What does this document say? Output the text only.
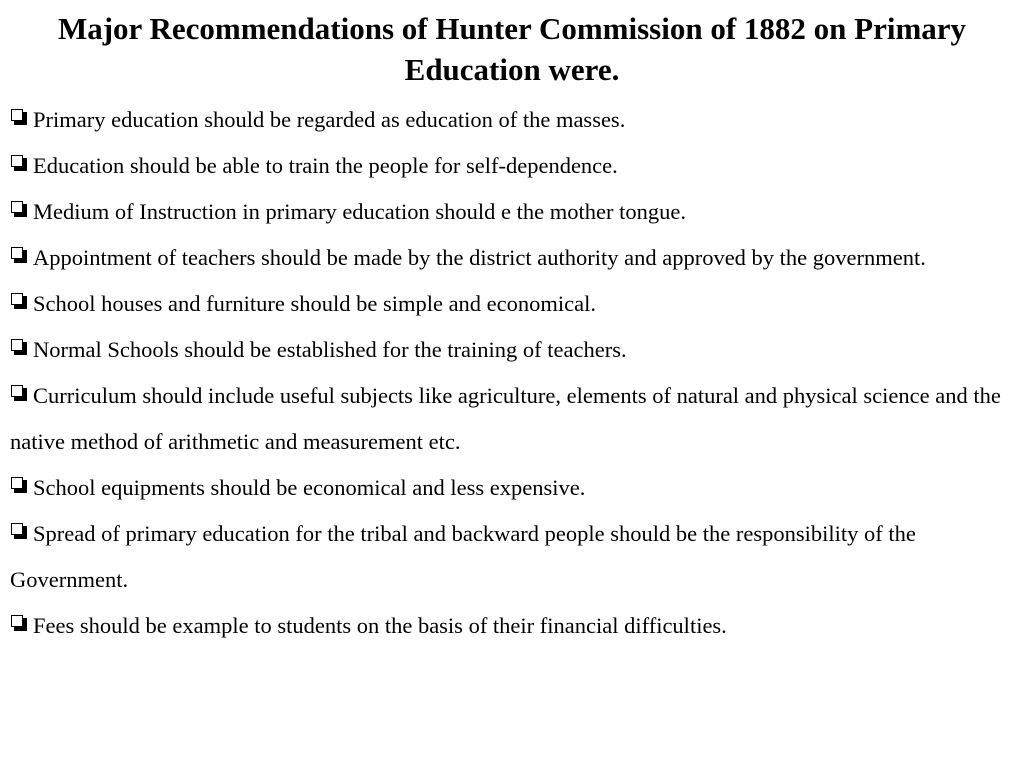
Major Recommendations of Hunter Commission of 1882 on Primary Education were.
Primary education should be regarded as education of the masses.
Education should be able to train the people for self-dependence.
Medium of Instruction in primary education should e the mother tongue.
Appointment of teachers should be made by the district authority and approved by the government.
School houses and furniture should be simple and economical.
Normal Schools should be established for the training of teachers.
Curriculum should include useful subjects like agriculture, elements of natural and physical science and the native method of arithmetic and measurement etc.
School equipments should be economical and less expensive.
Spread of primary education for the tribal and backward people should be the responsibility of the Government.
Fees should be example to students on the basis of their financial difficulties.
